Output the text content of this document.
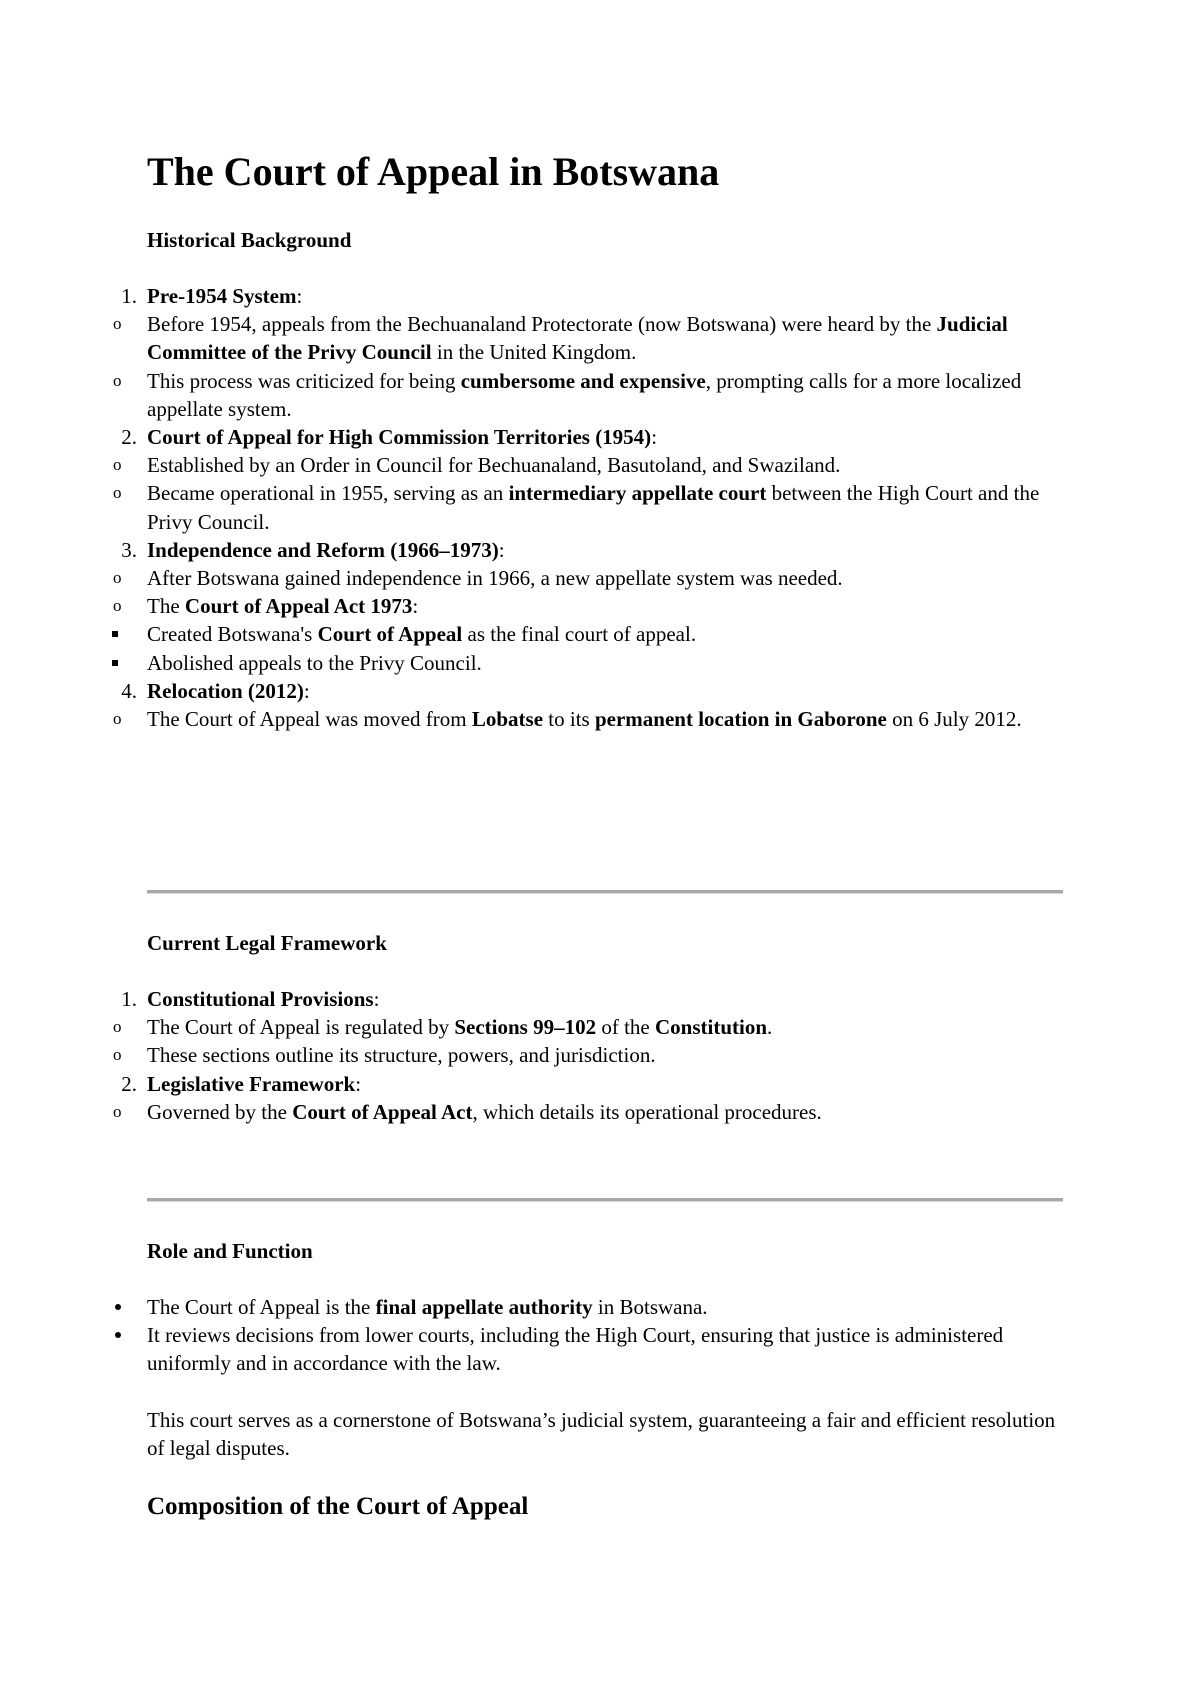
The Court of Appeal in Botswana

Historical Background

1. Pre-1954 System:
o Before 1954, appeals from the Bechuanaland Protectorate (now Botswana) were heard by the Judicial Committee of the Privy Council in the United Kingdom.
o This process was criticized for being cumbersome and expensive, prompting calls for a more localized appellate system.
2. Court of Appeal for High Commission Territories (1954):
o Established by an Order in Council for Bechuanaland, Basutoland, and Swaziland.
o Became operational in 1955, serving as an intermediary appellate court between the High Court and the Privy Council.
3. Independence and Reform (1966–1973):
o After Botswana gained independence in 1966, a new appellate system was needed.
o The Court of Appeal Act 1973:
Created Botswana's Court of Appeal as the final court of appeal.
Abolished appeals to the Privy Council.
4. Relocation (2012):
o The Court of Appeal was moved from Lobatse to its permanent location in Gaborone on 6 July 2012.

Current Legal Framework

1. Constitutional Provisions:
o The Court of Appeal is regulated by Sections 99–102 of the Constitution.
o These sections outline its structure, powers, and jurisdiction.
2. Legislative Framework:
o Governed by the Court of Appeal Act, which details its operational procedures.

Role and Function

The Court of Appeal is the final appellate authority in Botswana.
It reviews decisions from lower courts, including the High Court, ensuring that justice is administered uniformly and in accordance with the law.

This court serves as a cornerstone of Botswana’s judicial system, guaranteeing a fair and efficient resolution of legal disputes.

Composition of the Court of Appeal
